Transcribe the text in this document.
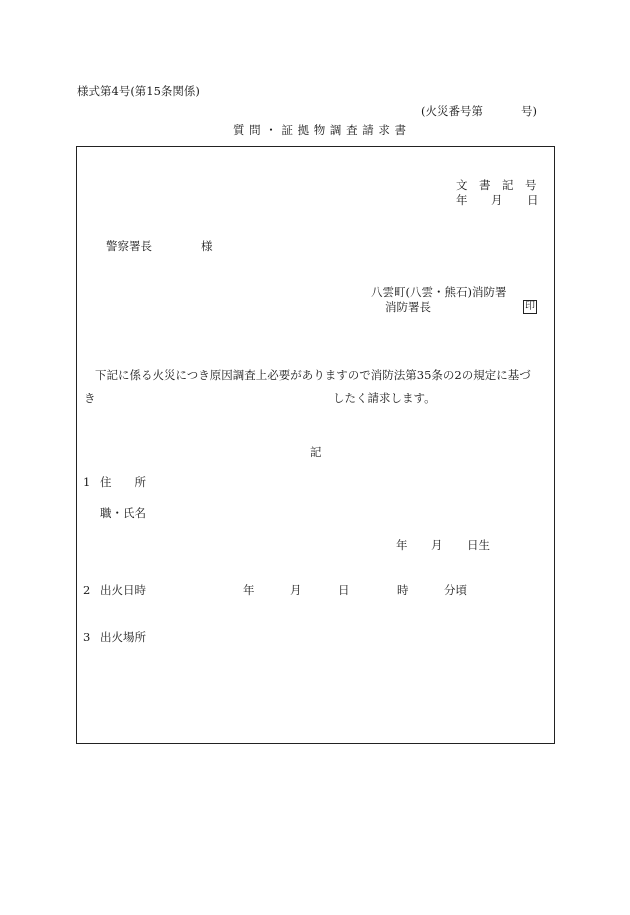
様式第4号(第15条関係)
(火災番号第	号)
質 問 ・ 証 拠 物 調 査 請 求 書
文　書　記　号
年 月 日
警察署長	様
八雲町(八雲・熊石)消防署
消防署長	印
下記に係る火災につき原因調査上必要がありますので消防法第35条の2の規定に基づ
き	したく請求します。
記
1 住　　所
職・氏名
年 月 日生
2 出火日時	年	月	日	時	分頃
3 出火場所
